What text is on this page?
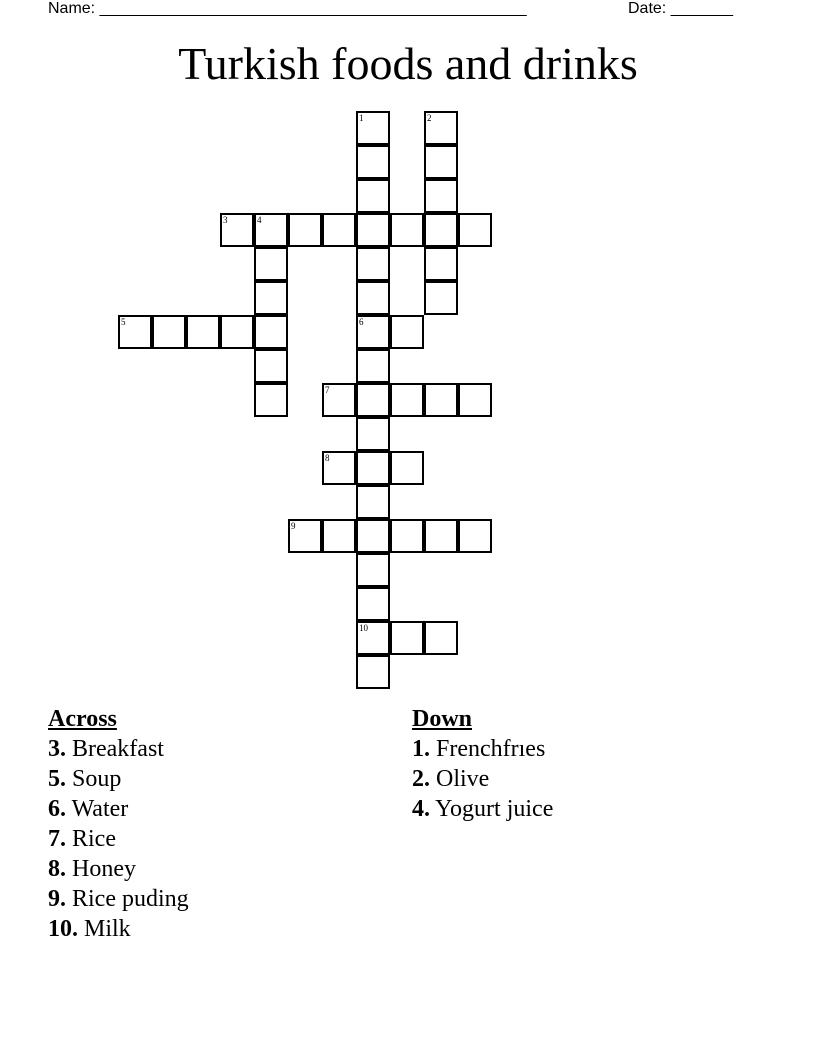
Name: ________________________________________________	Date: _______
Turkish foods and drinks
1
6
10
2
3	4
5
7
8
9
Across
3. Breakfast
5. Soup
6. Water
7. Rice
8. Honey
9. Rice puding
10. Milk
Down
1. Frenchfrıes
2. Olive
4. Yogurt juice
